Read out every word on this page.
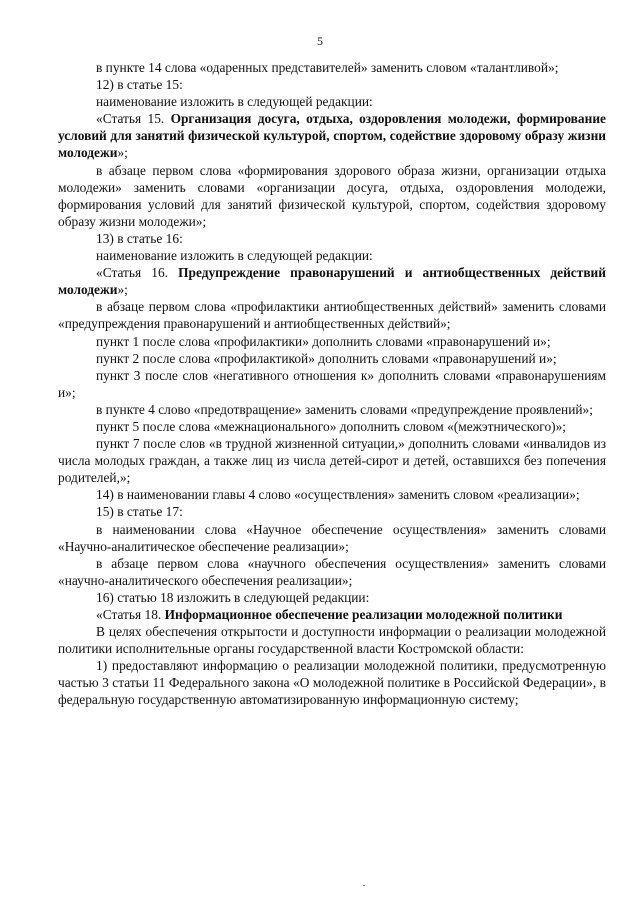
5

в пункте 14 слова «одаренных представителей» заменить словом «талантливой»;

12) в статье 15:

наименование изложить в следующей редакции:

«Статья 15. Организация досуга, отдыха, оздоровления молодежи, формирование условий для занятий физической культурой, спортом, содействие здоровому образу жизни молодежи»;

в абзаце первом слова «формирования здорового образа жизни, организации отдыха молодежи» заменить словами «организации досуга, отдыха, оздоровления молодежи, формирования условий для занятий физической культурой, спортом, содействия здоровому образу жизни молодежи»;

13) в статье 16:

наименование изложить в следующей редакции:

«Статья 16. Предупреждение правонарушений и антиобщественных действий молодежи»;

в абзаце первом слова «профилактики антиобщественных действий» заменить словами «предупреждения правонарушений и антиобщественных действий»;

пункт 1 после слова «профилактики» дополнить словами «правонарушений и»;

пункт 2 после слова «профилактикой» дополнить словами «правонарушений и»;

пункт 3 после слов «негативного отношения к» дополнить словами «правонарушениям и»;

в пункте 4 слово «предотвращение» заменить словами «предупреждение проявлений»;

пункт 5 после слова «межнационального» дополнить словом «(межэтнического)»;

пункт 7 после слов «в трудной жизненной ситуации,» дополнить словами «инвалидов из числа молодых граждан, а также лиц из числа детей-сирот и детей, оставшихся без попечения родителей,»;

14) в наименовании главы 4 слово «осуществления» заменить словом «реализации»;

15) в статье 17:

в наименовании слова «Научное обеспечение осуществления» заменить словами «Научно-аналитическое обеспечение реализации»;

в абзаце первом слова «научного обеспечения осуществления» заменить словами «научно-аналитического обеспечения реализации»;

16) статью 18 изложить в следующей редакции:

«Статья 18. Информационное обеспечение реализации молодежной политики

В целях обеспечения открытости и доступности информации о реализации молодежной политики исполнительные органы государственной власти Костромской области:

1) предоставляют информацию о реализации молодежной политики, предусмотренную частью 3 статьи 11 Федерального закона «О молодежной политике в Российской Федерации», в федеральную государственную автоматизированную информационную систему;
